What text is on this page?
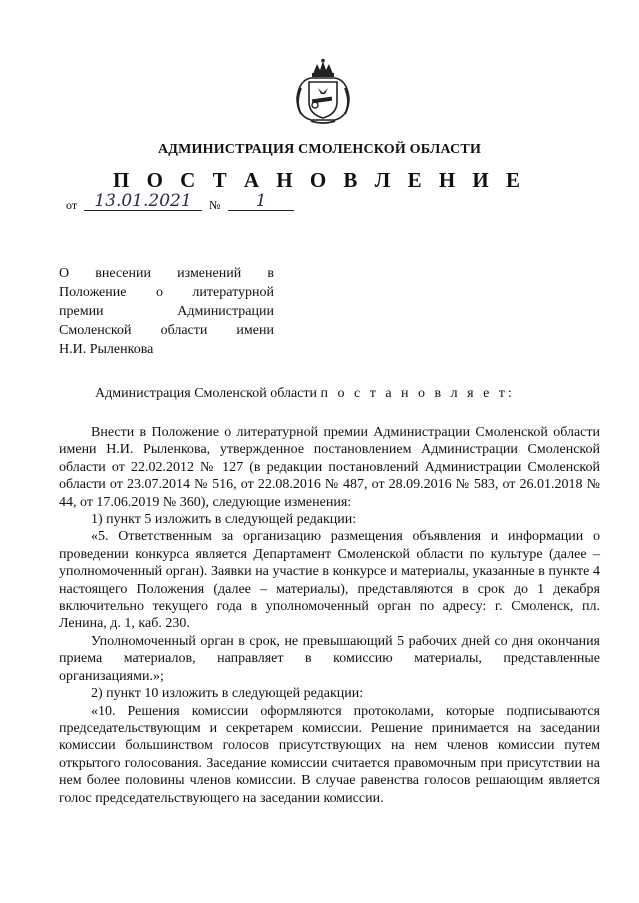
АДМИНИСТРАЦИЯ СМОЛЕНСКОЙ ОБЛАСТИ
П О С Т А Н О В Л Е Н И Е
от	13.01.2021	№	1
О внесении изменений в
Положение о литературной
премии	Администрации
Смоленской области имени
Н.И. Рыленкова
Администрация Смоленской области п о с т а н о в л я е т:

Внести в Положение о литературной премии Администрации Смоленской области имени Н.И. Рыленкова, утвержденное постановлением Администрации Смоленской области от 22.02.2012 № 127 (в редакции постановлений Администрации Смоленской области от 23.07.2014 № 516, от 22.08.2016 № 487, от 28.09.2016 № 583, от 26.01.2018 № 44, от 17.06.2019 № 360), следующие изменения:

1) пункт 5 изложить в следующей редакции:

«5. Ответственным за организацию размещения объявления и информации о проведении конкурса является Департамент Смоленской области по культуре (далее – уполномоченный орган). Заявки на участие в конкурсе и материалы, указанные в пункте 4 настоящего Положения (далее – материалы), представляются в срок до 1 декабря включительно текущего года в уполномоченный орган по адресу: г. Смоленск, пл. Ленина, д. 1, каб. 230.

Уполномоченный орган в срок, не превышающий 5 рабочих дней со дня окончания приема материалов, направляет в комиссию материалы, представленные организациями.»;

2) пункт 10 изложить в следующей редакции:

«10. Решения комиссии оформляются протоколами, которые подписываются председательствующим и секретарем комиссии. Решение принимается на заседании комиссии большинством голосов присутствующих на нем членов комиссии путем открытого голосования. Заседание комиссии считается правомочным при присутствии на нем более половины членов комиссии. В случае равенства голосов решающим является голос председательствующего на заседании комиссии.
